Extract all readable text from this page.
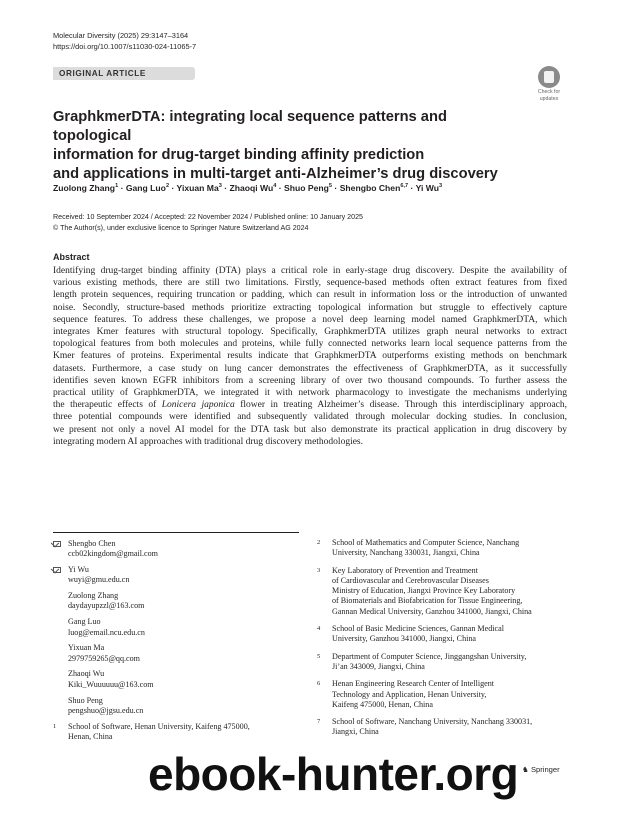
Molecular Diversity (2025) 29:3147–3164
https://doi.org/10.1007/s11030-024-11065-7
ORIGINAL ARTICLE
Check for
updates
GraphkmerDTA: integrating local sequence patterns and topological
information for drug-target binding affinity prediction
and applications in multi-target anti-Alzheimer’s drug discovery
Zuolong Zhang$^1$ · Gang Luo$^2$ · Yixuan $Ma^3$ · Zhaoqi $Wu^4$ · Shuo Peng$^5$ · Shengbo Chen$^{6,7}$ · Yi Wu$^3$
Received: 10 September 2024 / Accepted: 22 November 2024 / Published online: 10 January 2025
© The Author(s), under exclusive licence to Springer Nature Switzerland AG 2024
Abstract
Identifying drug-target binding affinity (DTA) plays a critical role in early-stage drug discovery. Despite the availability of
various existing methods, there are still two limitations. Firstly, sequence-based methods often extract features from fixed
length protein sequences, requiring truncation or padding, which can result in information loss or the introduction of unwanted
noise. Secondly, structure-based methods prioritize extracting topological information but struggle to effectively capture
sequence features. To address these challenges, we propose a novel deep learning model named GraphkmerDTA, which
integrates Kmer features with structural topology. Specifically, GraphkmerDTA utilizes graph neural networks to extract
topological features from both molecules and proteins, while fully connected networks learn local sequence patterns from the
Kmer features of proteins. Experimental results indicate that GraphkmerDTA outperforms existing methods on benchmark
datasets. Furthermore, a case study on lung cancer demonstrates the effectiveness of GraphkmerDTA, as it successfully
identifies seven known EGFR inhibitors from a screening library of over two thousand compounds. To further assess the
practical utility of GraphkmerDTA, we integrated it with network pharmacology to investigate the mechanisms underlying
the therapeutic effects of Lonicera japonica flower in treating Alzheimer’s disease. Through this interdisciplinary approach,
three potential compounds were identified and subsequently validated through molecular docking studies. In conclusion,
we present not only a novel AI model for the DTA task but also demonstrate its practical application in drug discovery by
integrating modern AI approaches with traditional drug discovery methodologies.
Shengbo Chen
ccb02kingdom@gmail.com
Yi Wu
wuyi@gmu.edu.cn
Zuolong Zhang
daydayupzzl@163.com
Gang Luo
luog@email.ncu.edu.cn
Yixuan Ma
2979759265@qq.com
Zhaoqi Wu
Kiki_Wuuuuuu@163.com
Shuo Peng
pengshuo@jgsu.edu.cn
1 School of Software, Henan University, Kaifeng 475000,
Henan, China
2 School of Mathematics and Computer Science, Nanchang
University, Nanchang 330031, Jiangxi, China
3 Key Laboratory of Prevention and Treatment
of Cardiovascular and Cerebrovascular Diseases
Ministry of Education, Jiangxi Province Key Laboratory
of Biomaterials and Biofabrication for Tissue Engineering,
Gannan Medical University, Ganzhou 341000, Jiangxi, China
4 School of Basic Medicine Sciences, Gannan Medical
University, Ganzhou 341000, Jiangxi, China
5 Department of Computer Science, Jinggangshan University,
Ji’an 343009, Jiangxi, China
6 Henan Engineering Research Center of Intelligent
Technology and Application, Henan University,
Kaifeng 475000, Henan, China
7 School of Software, Nanchang University, Nanchang 330031,
Jiangxi, China
♞ Springer
ebook-hunter.org
